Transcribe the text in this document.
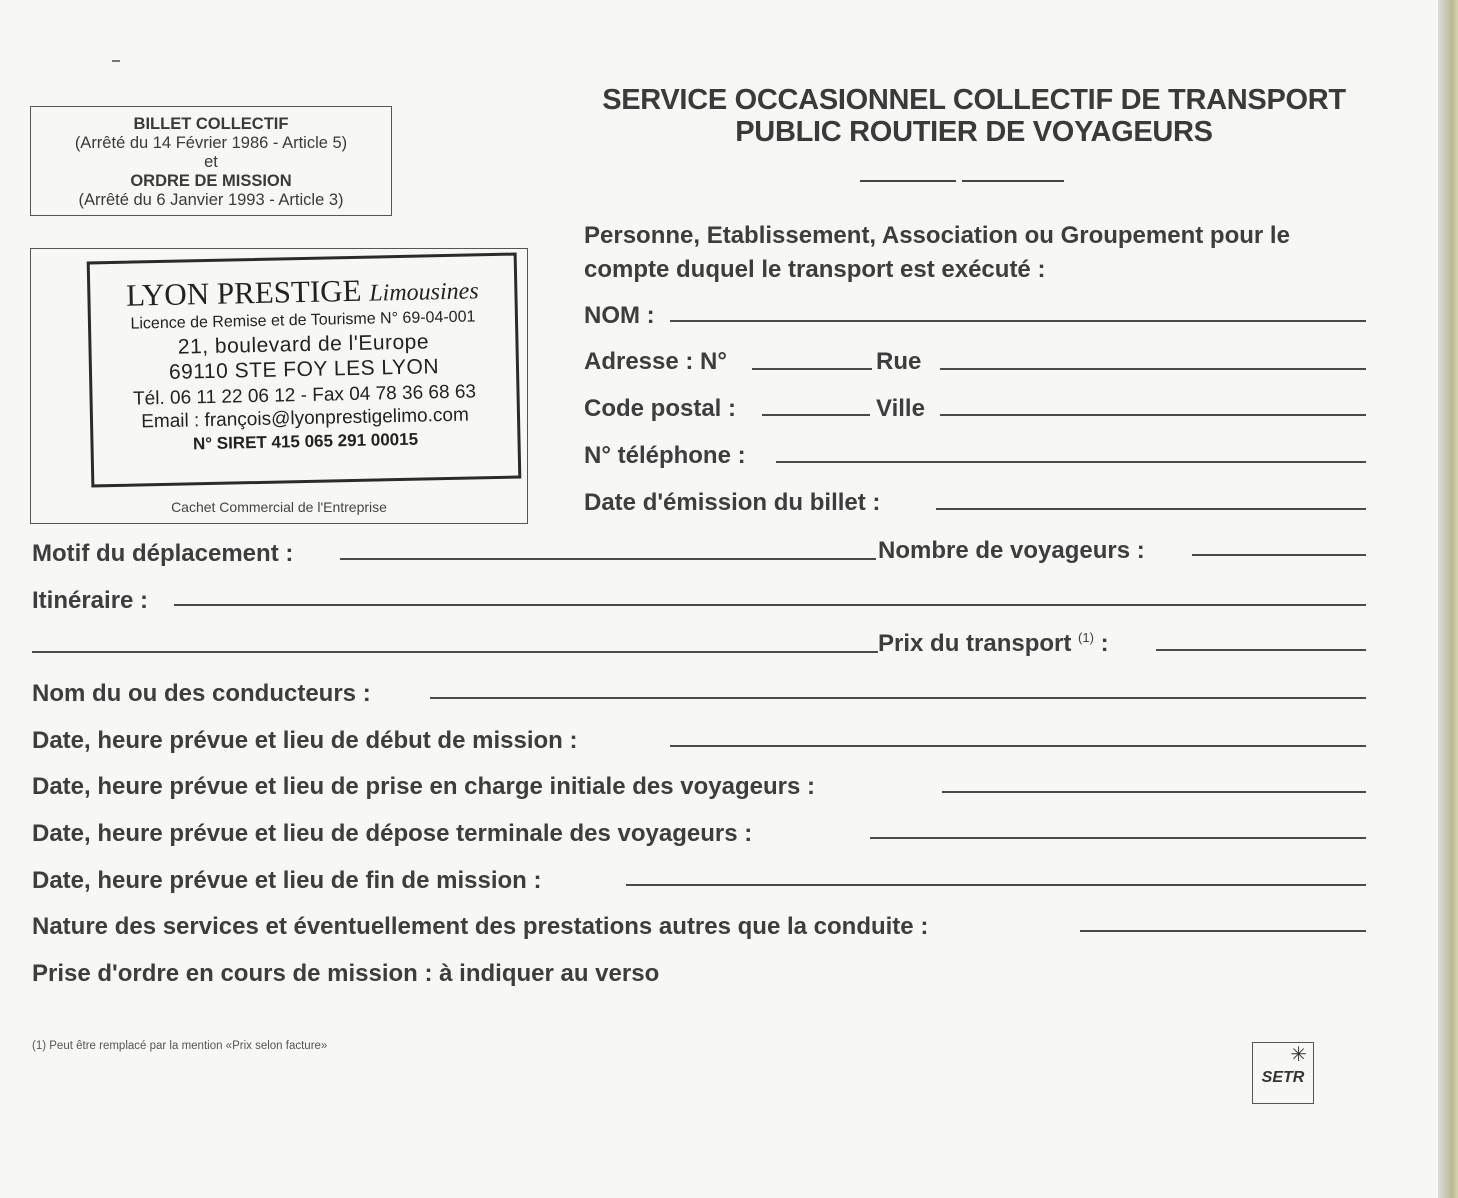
BILLET COLLECTIF
(Arrêté du 14 Février 1986 - Article 5)
et
ORDRE DE MISSION
(Arrêté du 6 Janvier 1993 - Article 3)
LYON PRESTIGE Limousines
Licence de Remise et de Tourisme N° 69-04-001
21, boulevard de l'Europe
69110 STE FOY LES LYON
Tél. 06 11 22 06 12 - Fax 04 78 36 68 63
Email : françois@lyonprestigelimo.com
N° SIRET 415 065 291 00015
Cachet Commercial de l'Entreprise
SERVICE OCCASIONNEL COLLECTIF DE TRANSPORT
PUBLIC ROUTIER DE VOYAGEURS
Personne, Etablissement, Association ou Groupement pour le
compte duquel le transport est exécuté :
NOM :
Adresse : N°	Rue
Code postal :	Ville
N° téléphone :
Date d'émission du billet :
Motif du déplacement :	Nombre de voyageurs :
Itinéraire :
Prix du transport $^{(1)}$ :
Nom du ou des conducteurs :
Date, heure prévue et lieu de début de mission :
Date, heure prévue et lieu de prise en charge initiale des voyageurs :
Date, heure prévue et lieu de dépose terminale des voyageurs :
Date, heure prévue et lieu de fin de mission :
Nature des services et éventuellement des prestations autres que la conduite :
Prise d'ordre en cours de mission : à indiquer au verso
(1) Peut être remplacé par la mention «Prix selon facture»	✳
SETR
